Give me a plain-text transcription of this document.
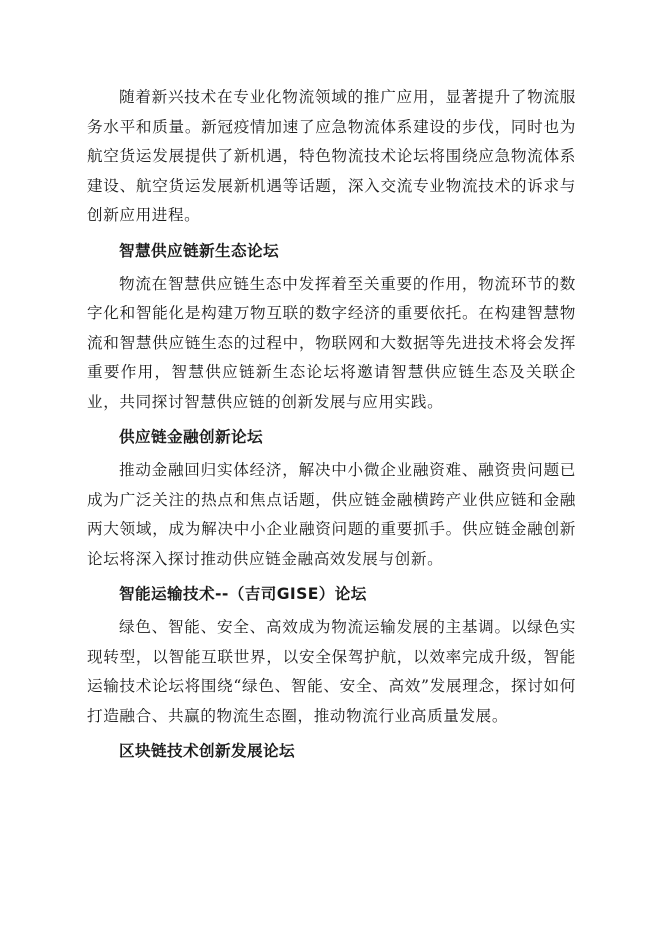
随着新兴技术在专业化物流领域的推广应用，显著提升了物流服务水平和质量。新冠疫情加速了应急物流体系建设的步伐，同时也为航空货运发展提供了新机遇，特色物流技术论坛将围绕应急物流体系建设、航空货运发展新机遇等话题，深入交流专业物流技术的诉求与创新应用进程。

智慧供应链新生态论坛

物流在智慧供应链生态中发挥着至关重要的作用，物流环节的数字化和智能化是构建万物互联的数字经济的重要依托。在构建智慧物流和智慧供应链生态的过程中，物联网和大数据等先进技术将会发挥重要作用，智慧供应链新生态论坛将邀请智慧供应链生态及关联企业，共同探讨智慧供应链的创新发展与应用实践。

供应链金融创新论坛

推动金融回归实体经济，解决中小微企业融资难、融资贵问题已成为广泛关注的热点和焦点话题，供应链金融横跨产业供应链和金融两大领域，成为解决中小企业融资问题的重要抓手。供应链金融创新论坛将深入探讨推动供应链金融高效发展与创新。

智能运输技术--（吉司GISE）论坛

绿色、智能、安全、高效成为物流运输发展的主基调。以绿色实现转型，以智能互联世界，以安全保驾护航，以效率完成升级，智能运输技术论坛将围绕“绿色、智能、安全、高效”发展理念，探讨如何打造融合、共赢的物流生态圈，推动物流行业高质量发展。

区块链技术创新发展论坛
